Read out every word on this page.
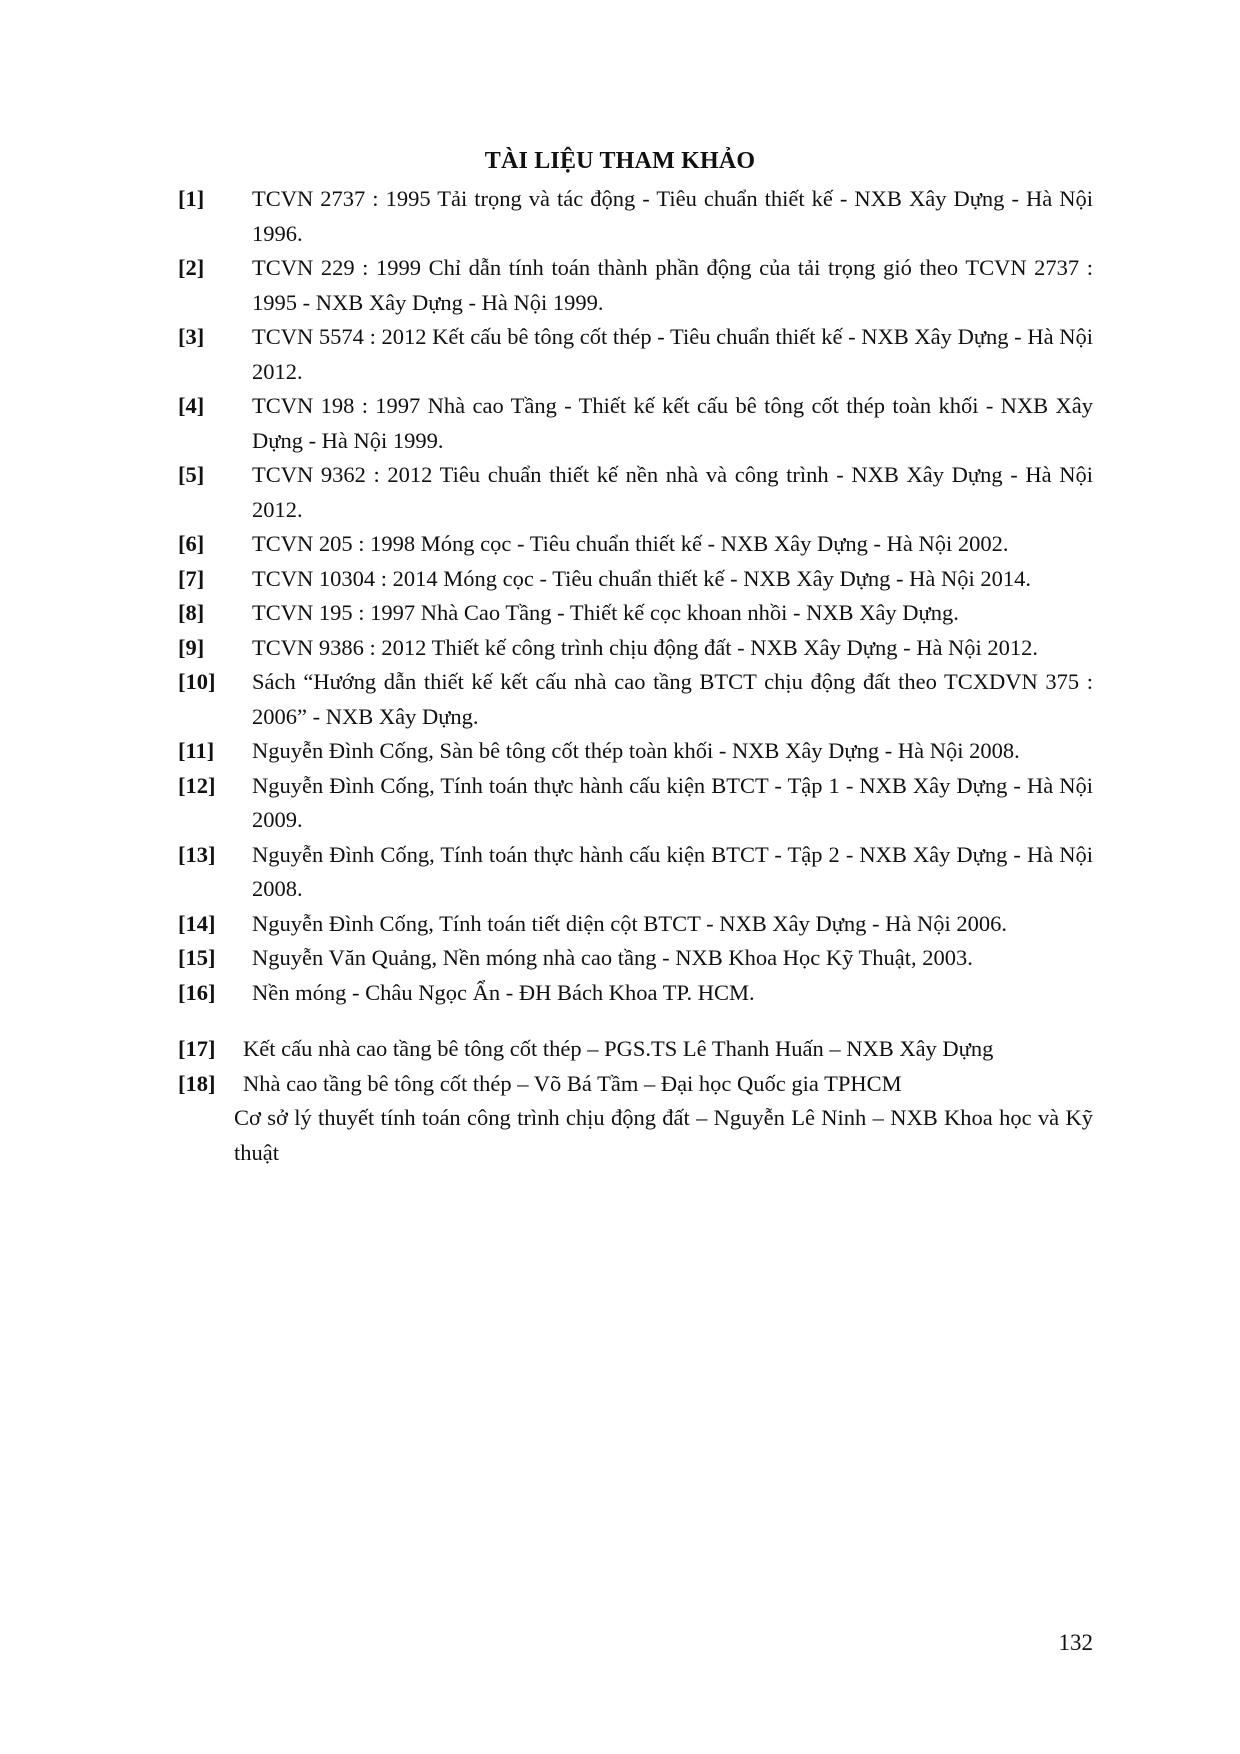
TÀI LIỆU THAM KHẢO
[1] TCVN 2737 : 1995 Tải trọng và tác động - Tiêu chuẩn thiết kế - NXB Xây Dựng - Hà Nội 1996.
[2] TCVN 229 : 1999 Chỉ dẫn tính toán thành phần động của tải trọng gió theo TCVN 2737 : 1995 - NXB Xây Dựng - Hà Nội 1999.
[3] TCVN 5574 : 2012 Kết cấu bê tông cốt thép - Tiêu chuẩn thiết kế - NXB Xây Dựng - Hà Nội 2012.
[4] TCVN 198 : 1997 Nhà cao Tầng - Thiết kế kết cấu bê tông cốt thép toàn khối - NXB Xây Dựng - Hà Nội 1999.
[5] TCVN 9362 : 2012 Tiêu chuẩn thiết kế nền nhà và công trình - NXB Xây Dựng - Hà Nội 2012.
[6] TCVN 205 : 1998 Móng cọc - Tiêu chuẩn thiết kế - NXB Xây Dựng - Hà Nội 2002.
[7] TCVN 10304 : 2014 Móng cọc - Tiêu chuẩn thiết kế - NXB Xây Dựng - Hà Nội 2014.
[8] TCVN 195 : 1997 Nhà Cao Tầng - Thiết kế cọc khoan nhồi - NXB Xây Dựng.
[9] TCVN 9386 : 2012 Thiết kế công trình chịu động đất - NXB Xây Dựng - Hà Nội 2012.
[10] Sách “Hướng dẫn thiết kế kết cấu nhà cao tầng BTCT chịu động đất theo TCXDVN 375 : 2006” - NXB Xây Dựng.
[11] Nguyễn Đình Cống, Sàn bê tông cốt thép toàn khối - NXB Xây Dựng - Hà Nội 2008.
[12] Nguyễn Đình Cống, Tính toán thực hành cấu kiện BTCT - Tập 1 - NXB Xây Dựng - Hà Nội 2009.
[13] Nguyễn Đình Cống, Tính toán thực hành cấu kiện BTCT - Tập 2 - NXB Xây Dựng - Hà Nội 2008.
[14] Nguyễn Đình Cống, Tính toán tiết diện cột BTCT - NXB Xây Dựng - Hà Nội 2006.
[15] Nguyễn Văn Quảng, Nền móng nhà cao tầng - NXB Khoa Học Kỹ Thuật, 2003.
[16] Nền móng - Châu Ngọc Ẩn - ĐH Bách Khoa TP. HCM.
[17] Kết cấu nhà cao tầng bê tông cốt thép – PGS.TS Lê Thanh Huấn – NXB Xây Dựng
[18] Nhà cao tầng bê tông cốt thép – Võ Bá Tầm – Đại học Quốc gia TPHCM
Cơ sở lý thuyết tính toán công trình chịu động đất – Nguyễn Lê Ninh – NXB Khoa học và Kỹ thuật
132
